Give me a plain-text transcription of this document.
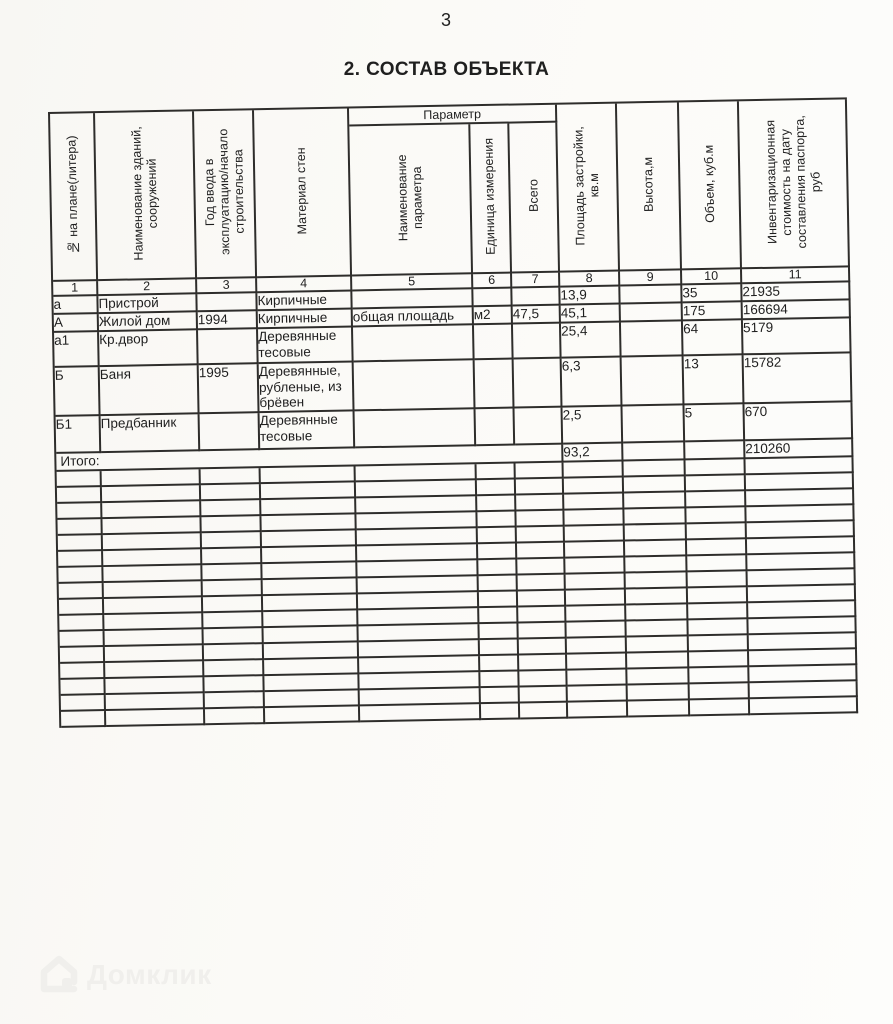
3
2. СОСТАВ ОБЪЕКТА
№ на плане(литера)	Наименование зданий,
сооружений	Год ввода в
эксплуатацию/начало
строительства	Материал стен	Параметр			Площадь застройки,
кв.м	Высота,м	Объем, куб.м	Инвентаризационная
стоимость на дату
составления паспорта,
руб
				Наименование
параметра	Единица измерения	Всего				
1	2	3	4	5	6	7	8	9	10	11
а	Пристрой		Кирпичные				13,9		35	21935
А	Жилой дом	1994	Кирпичные	общая площадь	м2	47,5	45,1		175	166694
а1	Кр.двор		Деревянные тесовые				25,4		64	5179
Б	Баня	1995	Деревянные, рубленые, из брёвен				6,3		13	15782
Б1	Предбанник		Деревянные тесовые				2,5		5	670
Итого:							93,2			210260

Домклик
